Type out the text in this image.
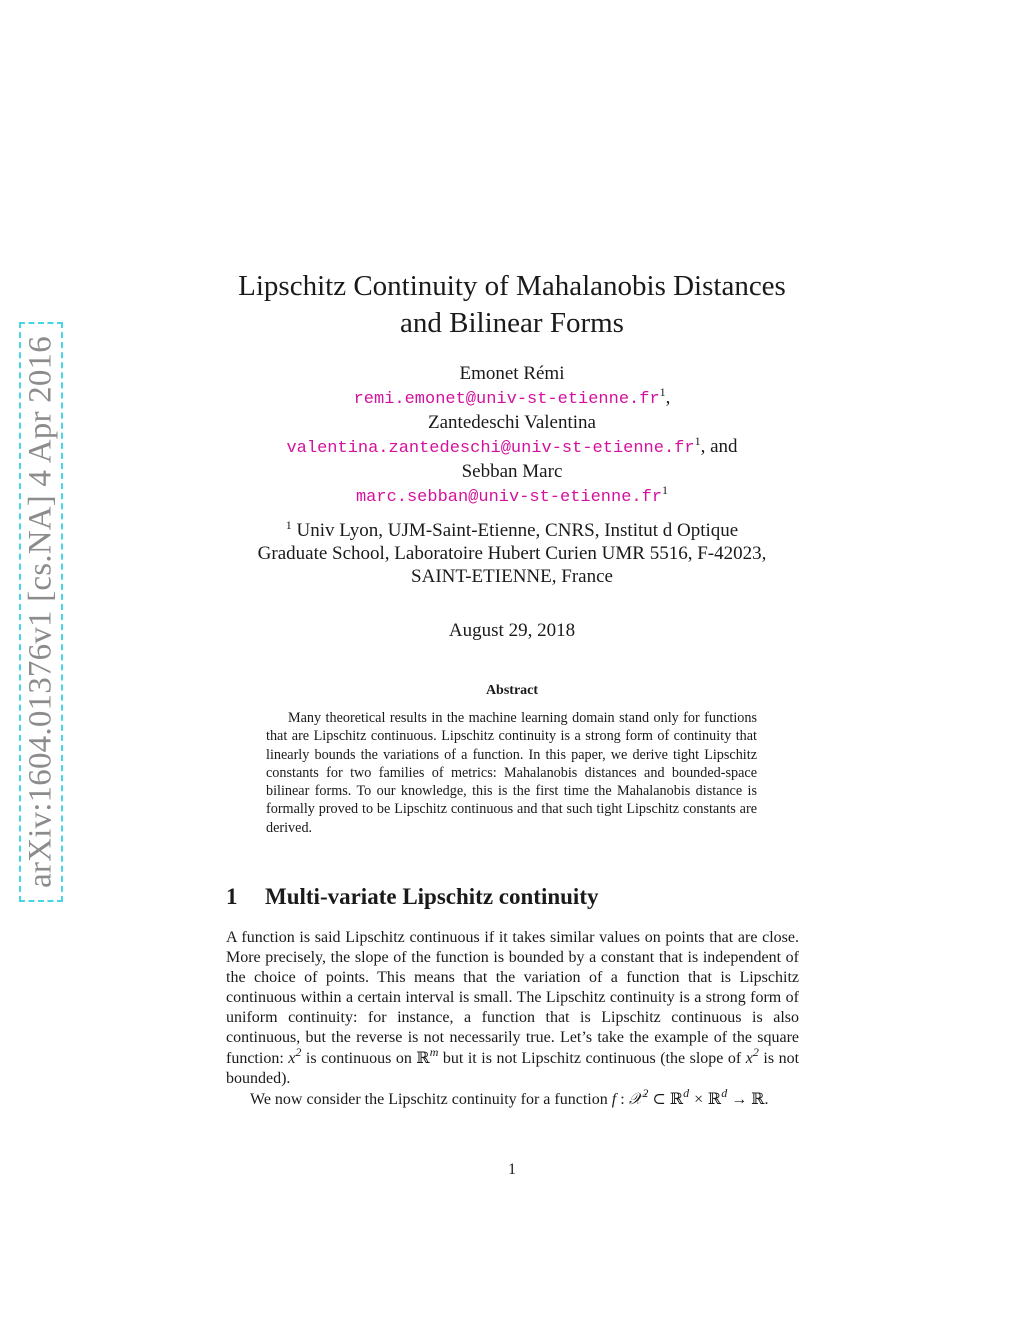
arXiv:1604.01376v1 [cs.NA] 4 Apr 2016
Lipschitz Continuity of Mahalanobis Distances
and Bilinear Forms
Emonet Rémi
$remi.emonet@univ-st-etienne.fr^1$,
Zantedeschi Valentina
$valentina.zantedeschi@univ-st-etienne.fr^1$, and
Sebban Marc
$marc.sebban@univ-st-etienne.fr^1$
$^1$ Univ Lyon, UJM-Saint-Etienne, CNRS, Institut d Optique
Graduate School, Laboratoire Hubert Curien UMR 5516, F-42023,
SAINT-ETIENNE, France
August 29, 2018
Abstract
Many theoretical results in the machine learning domain stand only for functions that are Lipschitz continuous. Lipschitz continuity is a strong form of continuity that linearly bounds the variations of a function. In this paper, we derive tight Lipschitz constants for two families of metrics: Mahalanobis distances and bounded-space bilinear forms. To our knowledge, this is the first time the Mahalanobis distance is formally proved to be Lipschitz continuous and that such tight Lipschitz constants are derived.
1 Multi-variate Lipschitz continuity

A function is said Lipschitz continuous if it takes similar values on points that are close. More precisely, the slope of the function is bounded by a constant that is independent of the choice of points. This means that the variation of a function that is Lipschitz continuous within a certain interval is small. The Lipschitz continuity is a strong form of uniform continuity: for instance, a function that is Lipschitz continuous is also continuous, but the reverse is not necessarily true. Let’s take the example of the square function: $x^2$ is continuous on ℝ$^m$ but it is not Lipschitz continuous (the slope of $x^2$ is not bounded).

We now consider the Lipschitz continuity for a function f : 𝒳$^2$ ⊂ ℝ$^d$ × ℝ$^d$ → ℝ.

1
